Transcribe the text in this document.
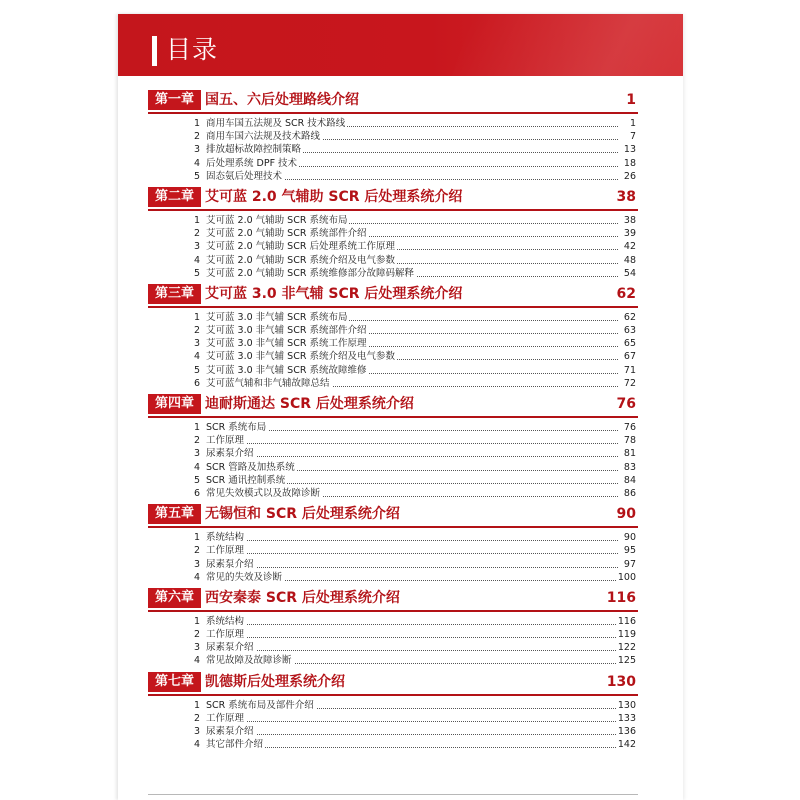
目录
第一章 国五、六后处理路线介绍	1
1 商用车国五法规及 SCR 技术路线	1
2 商用车国六法规及技术路线	7
3 排放超标故障控制策略	13
4 后处理系统 DPF 技术	18
5 固态氨后处理技术	26
第二章 艾可蓝 2.0 气辅助 SCR 后处理系统介绍	38
1 艾可蓝 2.0 气辅助 SCR 系统布局	38
2 艾可蓝 2.0 气辅助 SCR 系统部件介绍	39
3 艾可蓝 2.0 气辅助 SCR 后处理系统工作原理	42
4 艾可蓝 2.0 气辅助 SCR 系统介绍及电气参数	48
5 艾可蓝 2.0 气辅助 SCR 系统维修部分故障码解释	54
第三章 艾可蓝 3.0 非气辅 SCR 后处理系统介绍	62
1 艾可蓝 3.0 非气辅 SCR 系统布局	62
2 艾可蓝 3.0 非气辅 SCR 系统部件介绍	63
3 艾可蓝 3.0 非气辅 SCR 系统工作原理	65
4 艾可蓝 3.0 非气辅 SCR 系统介绍及电气参数	67
5 艾可蓝 3.0 非气辅 SCR 系统故障维修	71
6 艾可蓝气辅和非气辅故障总结	72
第四章 迪耐斯通达 SCR 后处理系统介绍	76
1 SCR 系统布局	76
2 工作原理	78
3 尿素泵介绍	81
4 SCR 管路及加热系统	83
5 SCR 通讯控制系统	84
6 常见失效模式以及故障诊断	86
第五章 无锡恒和 SCR 后处理系统介绍	90
1 系统结构	90
2 工作原理	95
3 尿素泵介绍	97
4 常见的失效及诊断	100
第六章 西安秦泰 SCR 后处理系统介绍	116
1 系统结构	116
2 工作原理	119
3 尿素泵介绍	122
4 常见故障及故障诊断	125
第七章 凯德斯后处理系统介绍	130
1 SCR 系统布局及部件介绍	130
2 工作原理	133
3 尿素泵介绍	136
4 其它部件介绍	142
